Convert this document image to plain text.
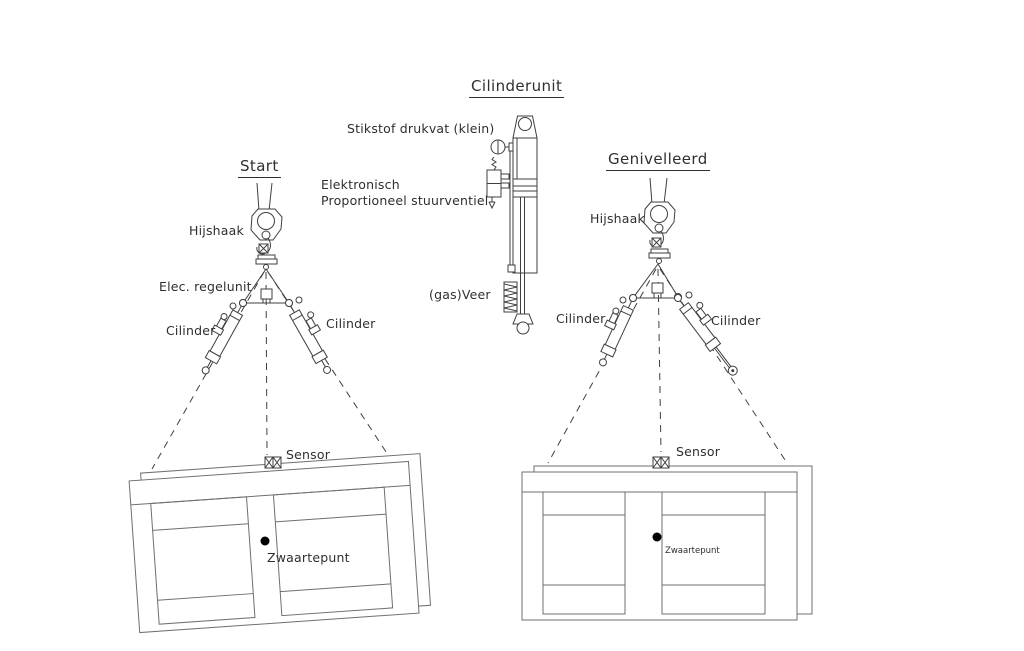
Cilinderunit
Stikstof drukvat (klein)
Elektronisch
Proportioneel stuurventiel
(gas)Veer
Start
Hijshaak
Elec. regelunit
Cilinder	Cilinder
Sensor
Zwaartepunt
Genivelleerd
Hijshaak
Cilinder	Cilinder
Sensor
Zwaartepunt
